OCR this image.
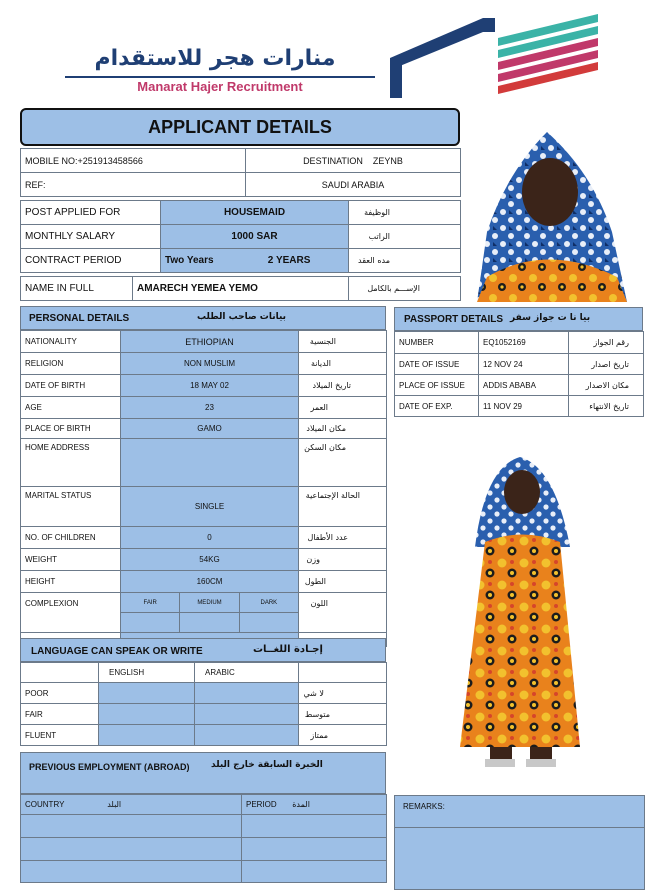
منارات هجر للاستقدام
Manarat Hajer Recruitment
APPLICANT DETAILS
MOBILE NO:+251913458566	DESTINATION ZEYNB
REF:	SAUDI ARABIA
POST APPLIED FOR	HOUSEMAID	الوظيفة
MONTHLY SALARY	1000 SAR	الراتب
CONTRACT PERIOD	Two Years 2 YEARS	مده العقد
NAME IN FULL	AMARECH YEMEA YEMO	الإســـم بالكامل
PERSONAL DETAILS	بيانات صاحب الطلب
NATIONALITY	ETHIOPIAN	الجنسية
RELIGION	NON MUSLIM	الديانة
DATE OF BIRTH	18 MAY 02	تاريخ الميلاد
AGE	23	العمر
PLACE OF BIRTH	GAMO	مكان الميلاد
HOME ADDRESS		مكان السكن
MARITAL STATUS	SINGLE	الحالة الإجتماعية
NO. OF CHILDREN	0	عدد الأطفال
WEIGHT	54KG	وزن
HEIGHT	160CM	الطول
COMPLEXION	FAIR MEDIUM DARK	اللون

PASSPORT DETAILS بيا نا ت جواز سفر
NUMBER	EQ1052169	رقم الجواز
DATE OF ISSUE	12 NOV 24	تاريخ اصدار
PLACE OF ISSUE	ADDIS ABABA	مكان الاصدار
DATE OF EXP.	11 NOV 29	تاريخ الانتهاء
LANGUAGE CAN SPEAK OR WRITE	إجـادة اللغــات
	ENGLISH	ARABIC	
POOR			لا شي
FAIR			متوسط
FLUENT			ممتاز
PREVIOUS EMPLOYMENT (ABROAD) الخبرة السابقة خارج البلد
COUNTRY البلد	PERIOD المدة

		REMARKS:
